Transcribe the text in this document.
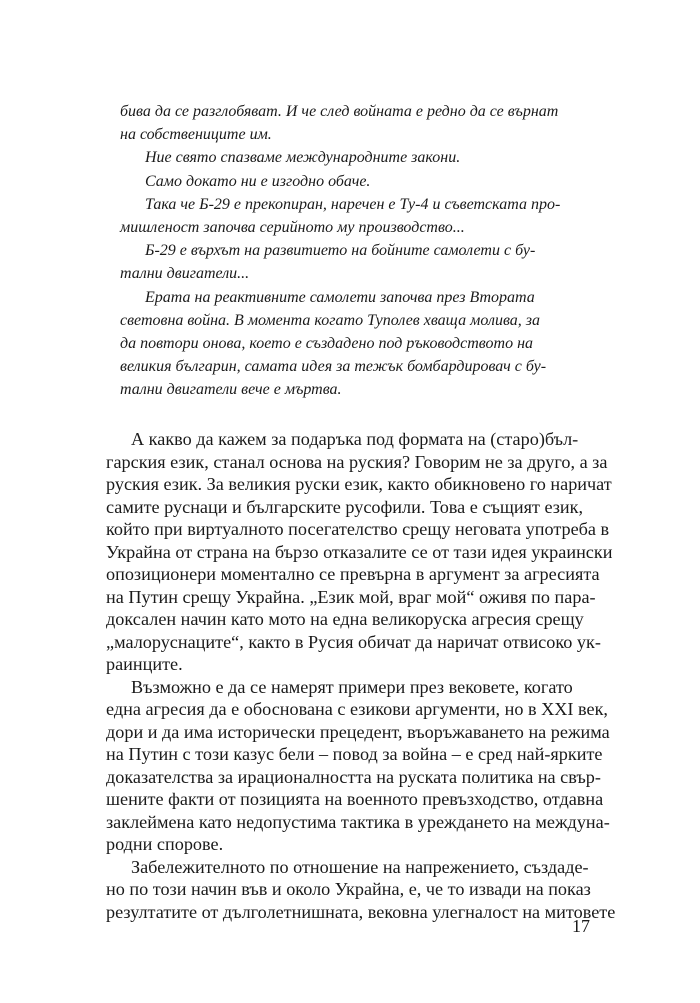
бива да се разглобяват. И че след войната е редно да се върнат
на собствениците им.
Ние свято спазваме международните закони.
Само докато ни е изгодно обаче.
Така че Б-29 е прекопиран, наречен е Ту-4 и съветската про-
мишленост започва серийното му производство...
Б-29 е върхът на развитието на бойните самолети с бу-
тални двигатели...
Ерата на реактивните самолети започва през Втората
световна война. В момента когато Туполев хваща молива, за
да повтори онова, което е създадено под ръководството на
великия българин, самата идея за тежък бомбардировач с бу-
тални двигатели вече е мъртва.
А какво да кажем за подаръка под формата на (старо)бъл-
гарския език, станал основа на руския? Говорим не за друго, а за
руския език. За великия руски език, както обикновено го наричат
самите руснаци и българските русофили. Това е същият език,
който при виртуалното посегателство срещу неговата употреба в
Украйна от страна на бързо отказалите се от тази идея украински
опозиционери моментално се превърна в аргумент за агресията
на Путин срещу Украйна. „Език мой, враг мой“ оживя по пара-
доксален начин като мото на една великоруска агресия срещу
„малоруснаците“, както в Русия обичат да наричат отвисоко ук-
раинците.
Възможно е да се намерят примери през вековете, когато
една агресия да е обоснована с езикови аргументи, но в XXI век,
дори и да има исторически прецедент, въоръжаването на режима
на Путин с този казус бели – повод за война – е сред най-ярките
доказателства за ирационалността на руската политика на свър-
шените факти от позицията на военното превъзходство, отдавна
заклеймена като недопустима тактика в уреждането на междуна-
родни спорове.
Забележителното по отношение на напрежението, създаде-
но по този начин във и около Украйна, е, че то извади на показ
резултатите от дълголетнишната, вековна улегналост на митовете
17
